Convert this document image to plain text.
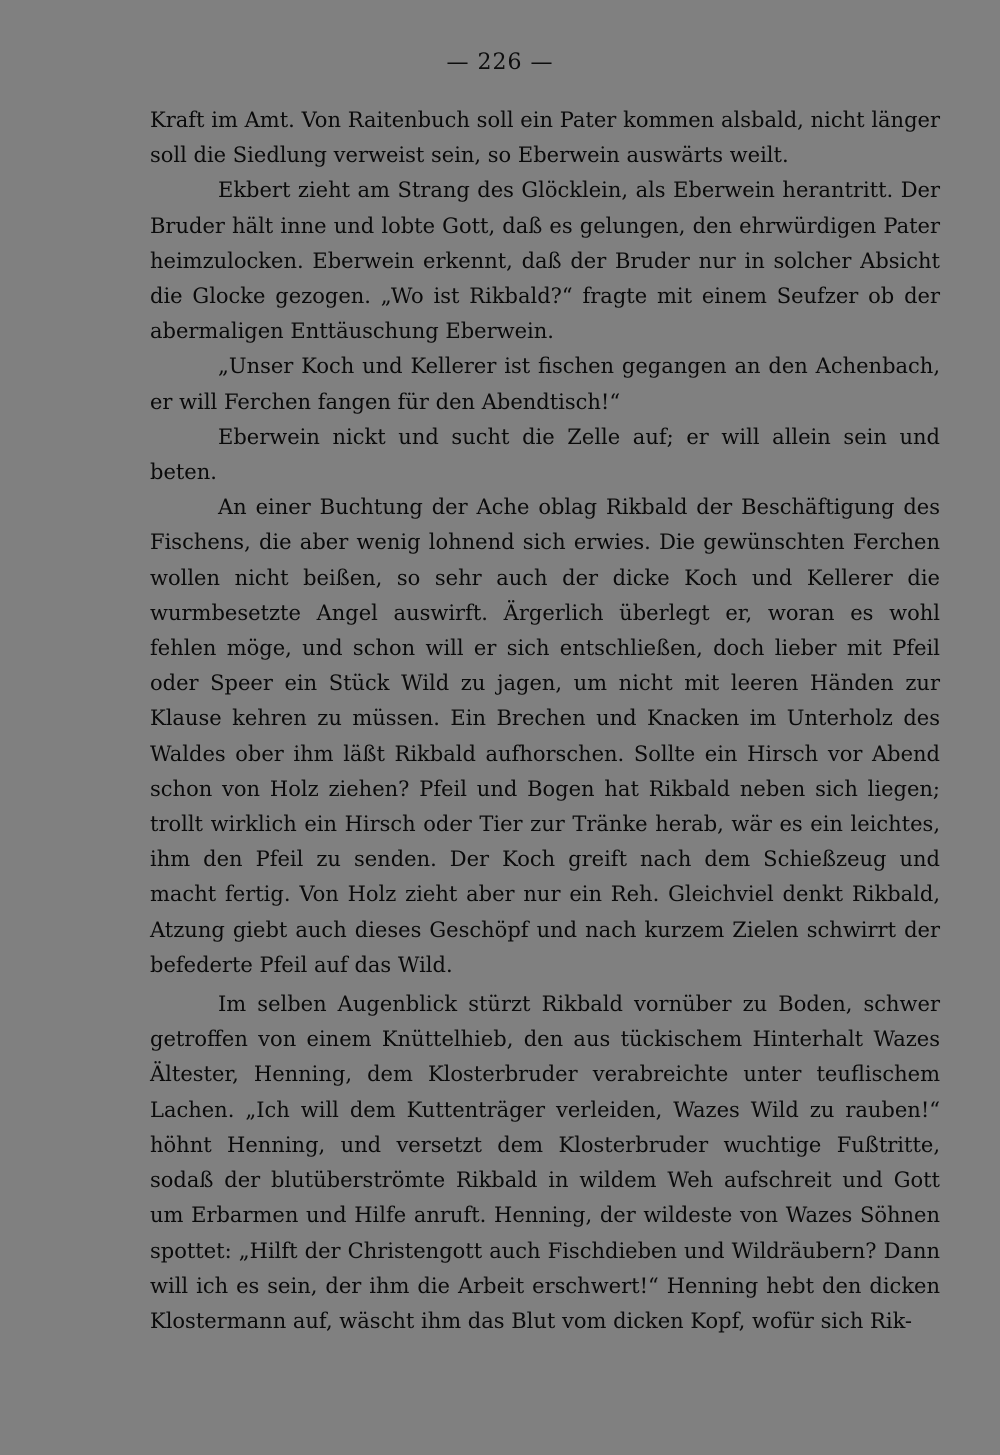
— 226 —

Kraft im Amt. Von Raitenbuch soll ein Pater kommen alsbald, nicht länger soll die Siedlung verweist sein, so Eberwein auswärts weilt.

Ekbert zieht am Strang des Glöcklein, als Eberwein herantritt. Der Bruder hält inne und lobte Gott, daß es gelungen, den ehrwürdigen Pater heimzulocken. Eberwein erkennt, daß der Bruder nur in solcher Absicht die Glocke gezogen. „Wo ist Rikbald?“ fragte mit einem Seufzer ob der abermaligen Enttäuschung Eberwein.

„Unser Koch und Kellerer ist fischen gegangen an den Achenbach, er will Ferchen fangen für den Abendtisch!“

Eberwein nickt und sucht die Zelle auf; er will allein sein und beten.

An einer Buchtung der Ache oblag Rikbald der Beschäftigung des Fischens, die aber wenig lohnend sich erwies. Die gewünschten Ferchen wollen nicht beißen, so sehr auch der dicke Koch und Kellerer die wurmbesetzte Angel auswirft. Ärgerlich überlegt er, woran es wohl fehlen möge, und schon will er sich entschließen, doch lieber mit Pfeil oder Speer ein Stück Wild zu jagen, um nicht mit leeren Händen zur Klause kehren zu müssen. Ein Brechen und Knacken im Unterholz des Waldes ober ihm läßt Rikbald aufhorschen. Sollte ein Hirsch vor Abend schon von Holz ziehen? Pfeil und Bogen hat Rikbald neben sich liegen; trollt wirklich ein Hirsch oder Tier zur Tränke herab, wär es ein leichtes, ihm den Pfeil zu senden. Der Koch greift nach dem Schießzeug und macht fertig. Von Holz zieht aber nur ein Reh. Gleichviel denkt Rikbald, Atzung giebt auch dieses Geschöpf und nach kurzem Zielen schwirrt der befederte Pfeil auf das Wild.

Im selben Augenblick stürzt Rikbald vornüber zu Boden, schwer getroffen von einem Knüttelhieb, den aus tückischem Hinterhalt Wazes Ältester, Henning, dem Klosterbruder verabreichte unter teuflischem Lachen. „Ich will dem Kuttenträger verleiden, Wazes Wild zu rauben!“ höhnt Henning, und versetzt dem Klosterbruder wuchtige Fußtritte, sodaß der blutüberströmte Rikbald in wildem Weh aufschreit und Gott um Erbarmen und Hilfe anruft. Henning, der wildeste von Wazes Söhnen spottet: „Hilft der Christengott auch Fischdieben und Wildräubern? Dann will ich es sein, der ihm die Arbeit erschwert!“ Henning hebt den dicken Klostermann auf, wäscht ihm das Blut vom dicken Kopf, wofür sich Rik-
